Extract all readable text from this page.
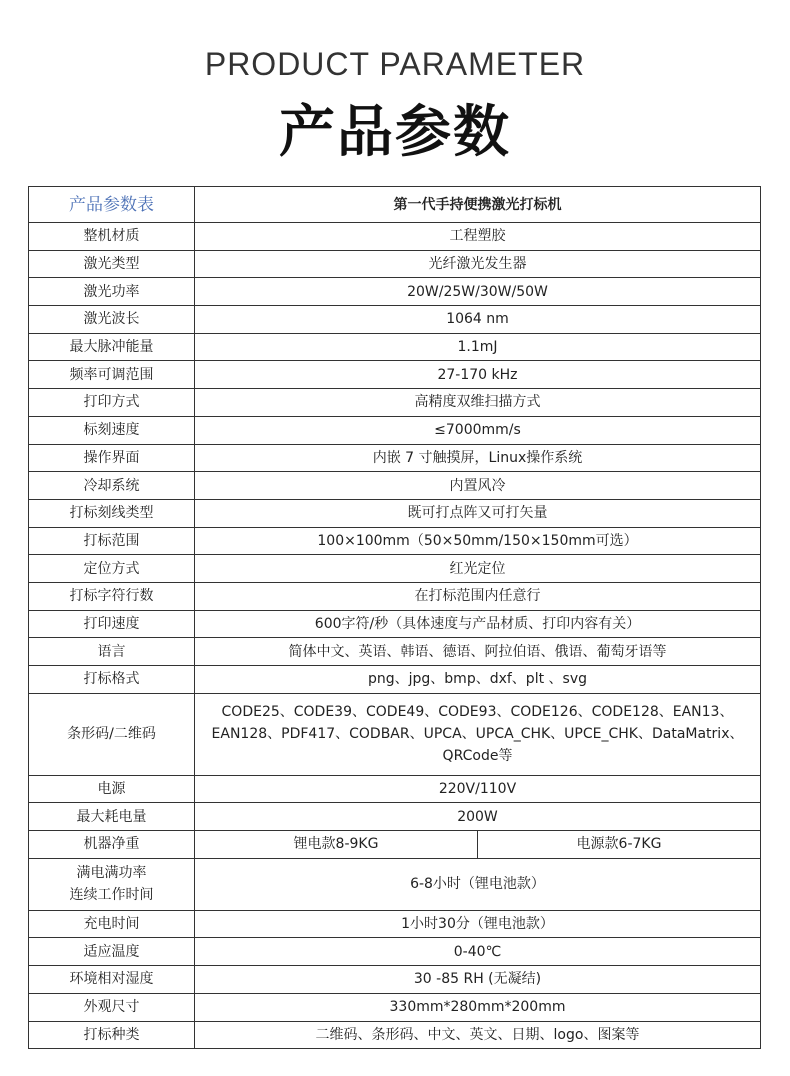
PRODUCT PARAMETER
产品参数
产品参数表	第一代手持便携激光打标机	
整机材质	工程塑胶	
激光类型	光纤激光发生器	
激光功率	20W/25W/30W/50W	
激光波长	1064 nm	
最大脉冲能量	1.1mJ	
频率可调范围	27-170 kHz	
打印方式	高精度双维扫描方式	
标刻速度	≤7000mm/s	
操作界面	内嵌 7 寸触摸屏，Linux操作系统	
冷却系统	内置风冷	
打标刻线类型	既可打点阵又可打矢量	
打标范围	100×100mm（50×50mm/150×150mm可选）	
定位方式	红光定位	
打标字符行数	在打标范围内任意行	
打印速度	600字符/秒（具体速度与产品材质、打印内容有关）	
语言	简体中文、英语、韩语、德语、阿拉伯语、俄语、葡萄牙语等	
打标格式	png、jpg、bmp、dxf、plt 、svg	
条形码/二维码	CODE25、CODE39、CODE49、CODE93、CODE126、CODE128、EAN13、
EAN128、PDF417、CODBAR、UPCA、UPCA_CHK、UPCE_CHK、DataMatrix、
QRCode等	

电源	220V/110V	
最大耗电量	200W	
机器净重	锂电款8-9KG	电源款6-7KG

满电满功率
连续工作时间	6-8小时（锂电池款）	
充电时间	1小时30分（锂电池款）	
适应温度	0-40℃	
环境相对湿度	30 -85 RH (无凝结)	
外观尺寸	330mm*280mm*200mm	
打标种类	二维码、条形码、中文、英文、日期、logo、图案等	
